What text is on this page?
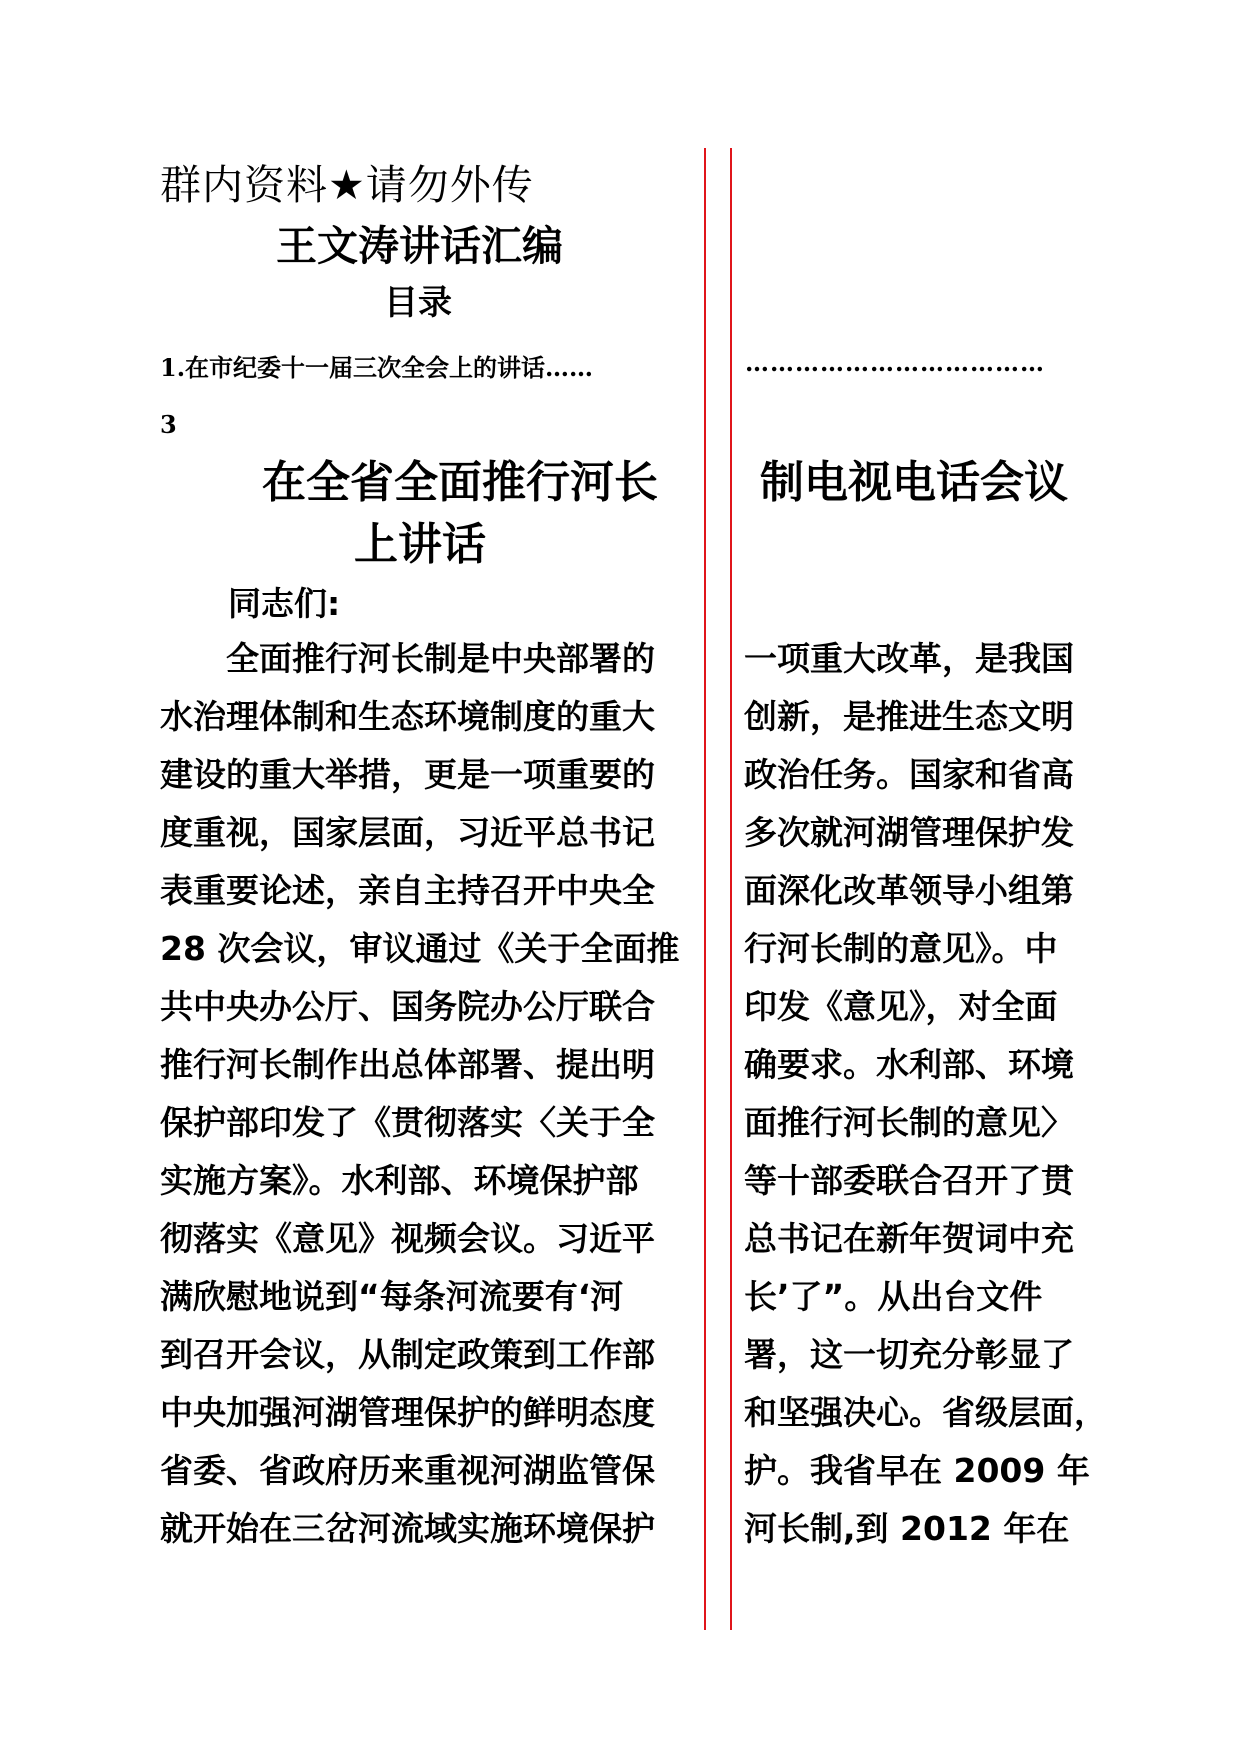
群内资料★请勿外传
王文涛讲话汇编
目录
1.在市纪委十一届三次全会上的讲话……	………………………………
3
在全省全面推行河长
上讲话
制电视电话会议
同志们:
　　全面推行河长制是中央部署的
水治理体制和生态环境制度的重大
建设的重大举措，更是一项重要的
度重视，国家层面，习近平总书记
表重要论述，亲自主持召开中央全
28 次会议，审议通过《关于全面推
共中央办公厅、国务院办公厅联合
推行河长制作出总体部署、提出明
保护部印发了《贯彻落实〈关于全
实施方案》。水利部、环境保护部
彻落实《意见》视频会议。习近平
满欣慰地说到“每条河流要有‘河
到召开会议，从制定政策到工作部
中央加强河湖管理保护的鲜明态度
省委、省政府历来重视河湖监管保
就开始在三岔河流域实施环境保护
一项重大改革，是我国
创新，是推进生态文明
政治任务。国家和省高
多次就河湖管理保护发
面深化改革领导小组第
行河长制的意见》。中
印发《意见》，对全面
确要求。水利部、环境
面推行河长制的意见〉
等十部委联合召开了贯
总书记在新年贺词中充
长’了”。从出台文件
署，这一切充分彰显了
和坚强决心。省级层面，
护。我省早在 2009 年
河长制,到 2012 年在
